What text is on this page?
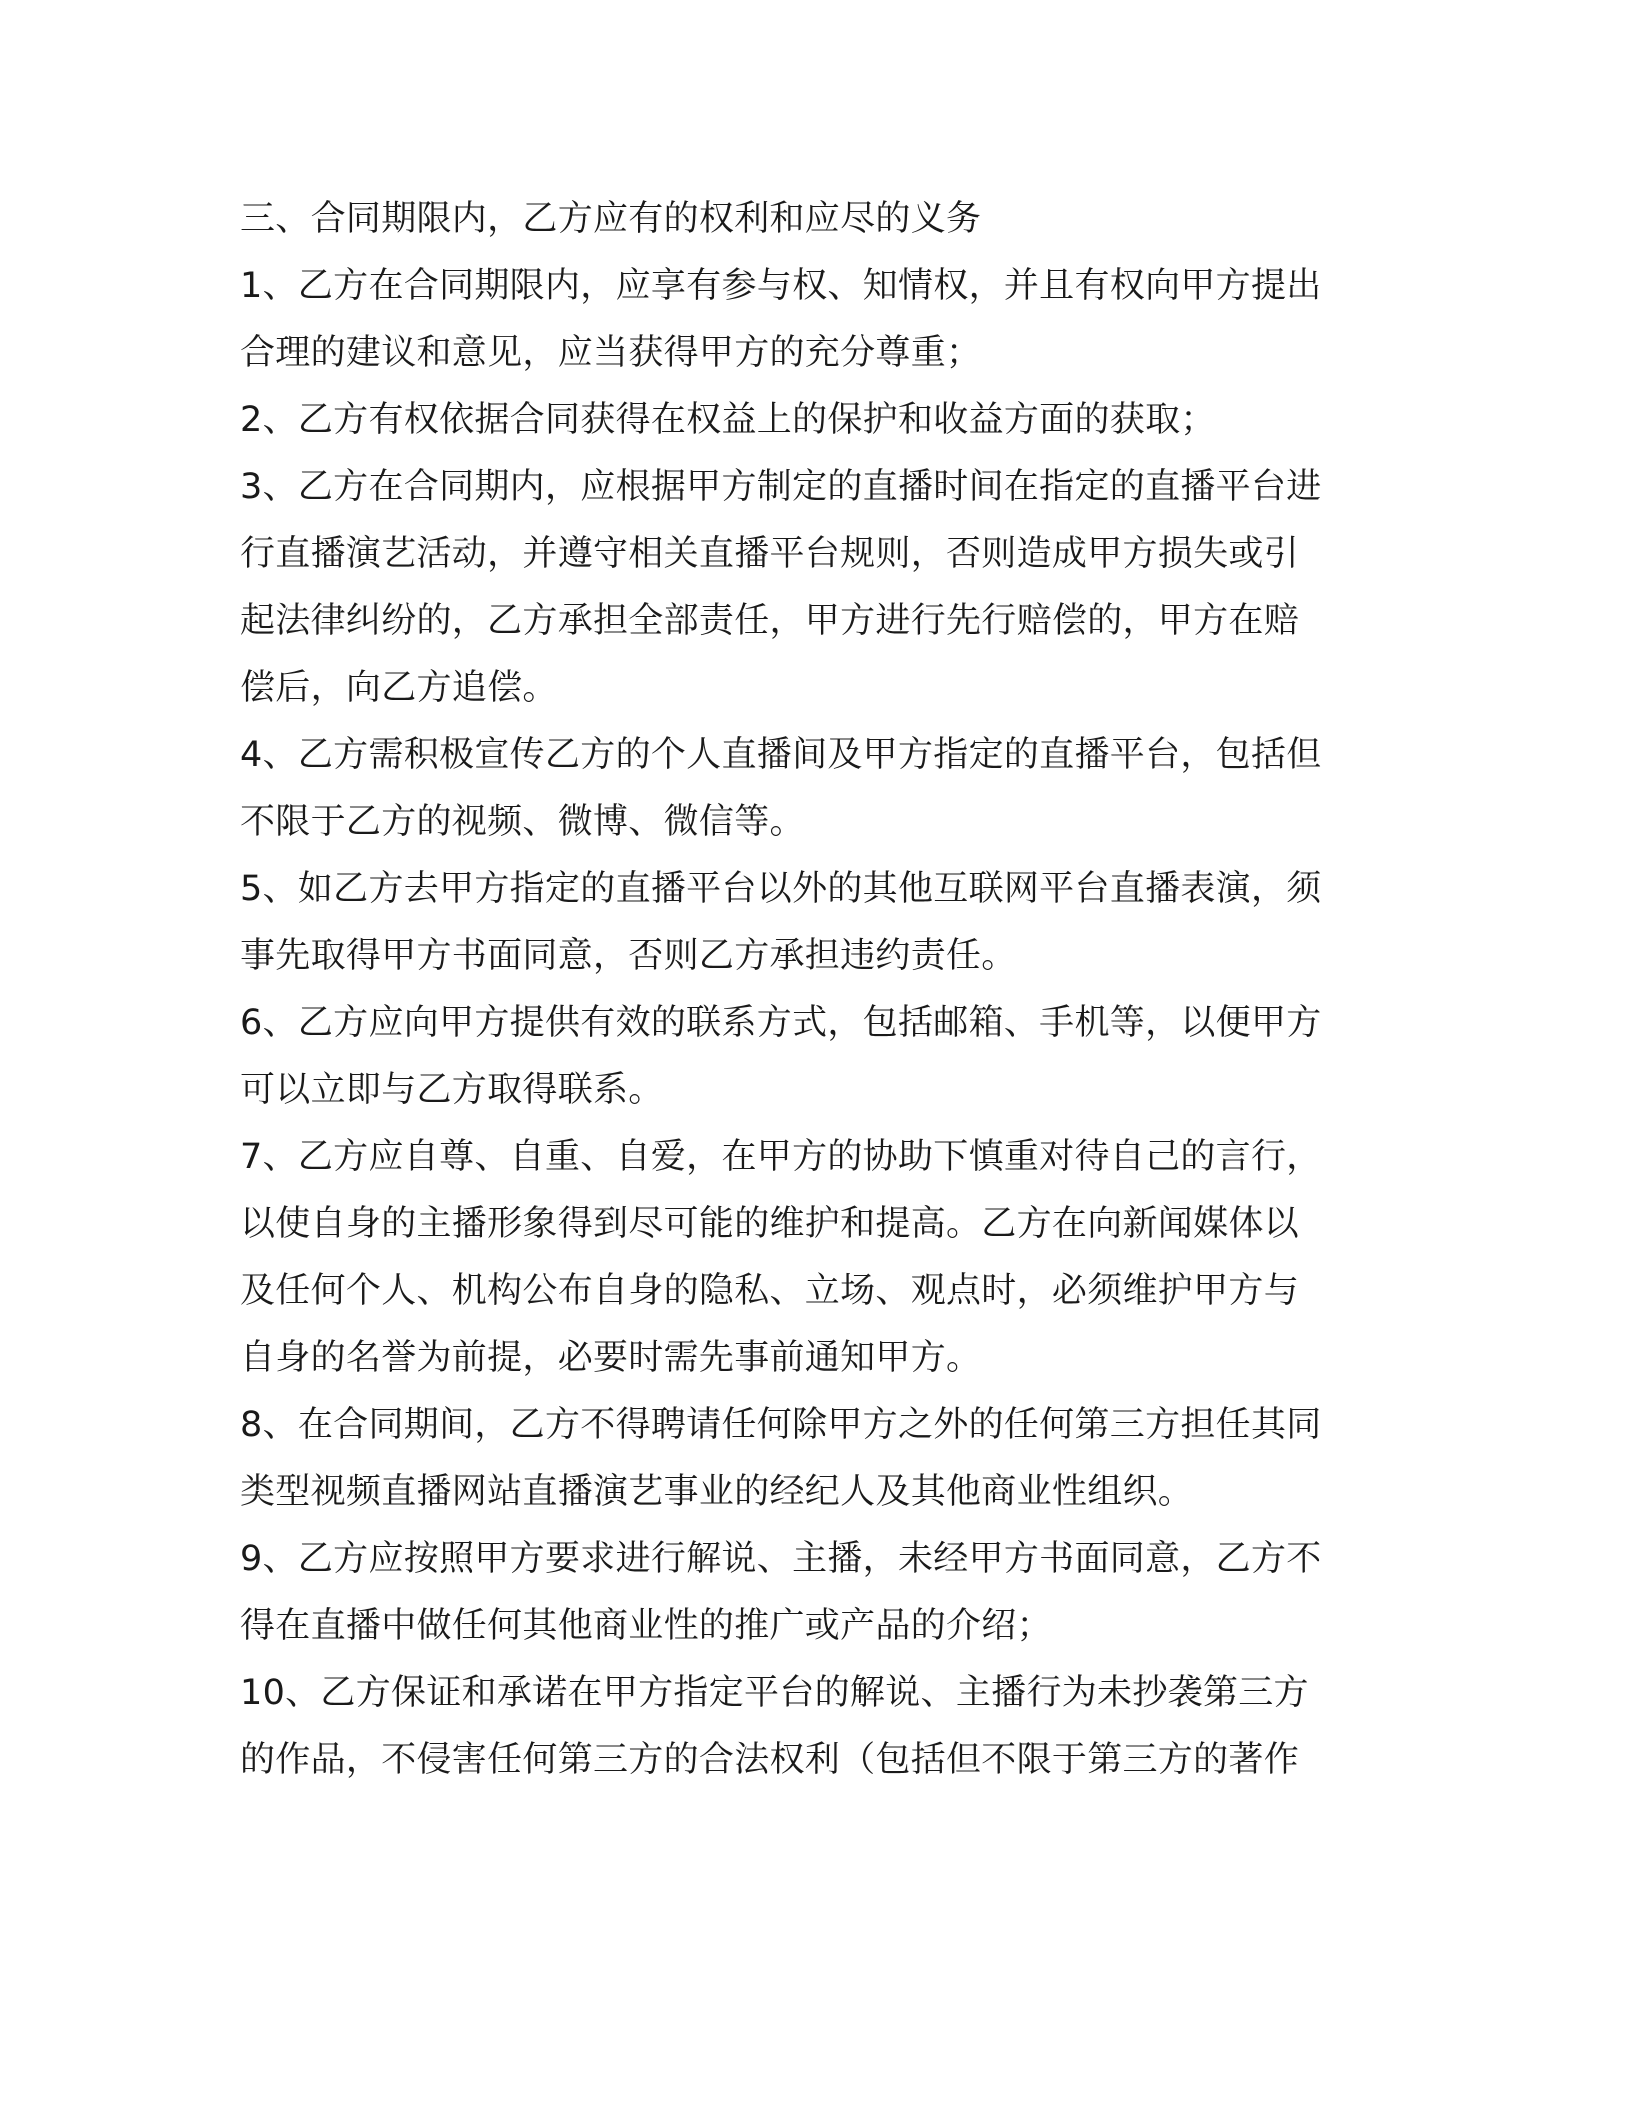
三、合同期限内，乙方应有的权利和应尽的义务
1、乙方在合同期限内，应享有参与权、知情权，并且有权向甲方提出
合理的建议和意见，应当获得甲方的充分尊重；
2、乙方有权依据合同获得在权益上的保护和收益方面的获取；
3、乙方在合同期内，应根据甲方制定的直播时间在指定的直播平台进
行直播演艺活动，并遵守相关直播平台规则，否则造成甲方损失或引
起法律纠纷的，乙方承担全部责任，甲方进行先行赔偿的，甲方在赔
偿后，向乙方追偿。
4、乙方需积极宣传乙方的个人直播间及甲方指定的直播平台，包括但
不限于乙方的视频、微博、微信等。
5、如乙方去甲方指定的直播平台以外的其他互联网平台直播表演，须
事先取得甲方书面同意，否则乙方承担违约责任。
6、乙方应向甲方提供有效的联系方式，包括邮箱、手机等，以便甲方
可以立即与乙方取得联系。
7、乙方应自尊、自重、自爱，在甲方的协助下慎重对待自己的言行，
以使自身的主播形象得到尽可能的维护和提高。乙方在向新闻媒体以
及任何个人、机构公布自身的隐私、立场、观点时，必须维护甲方与
自身的名誉为前提，必要时需先事前通知甲方。
8、在合同期间，乙方不得聘请任何除甲方之外的任何第三方担任其同
类型视频直播网站直播演艺事业的经纪人及其他商业性组织。
9、乙方应按照甲方要求进行解说、主播，未经甲方书面同意，乙方不
得在直播中做任何其他商业性的推广或产品的介绍；
10、乙方保证和承诺在甲方指定平台的解说、主播行为未抄袭第三方
的作品，不侵害任何第三方的合法权利（包括但不限于第三方的著作
